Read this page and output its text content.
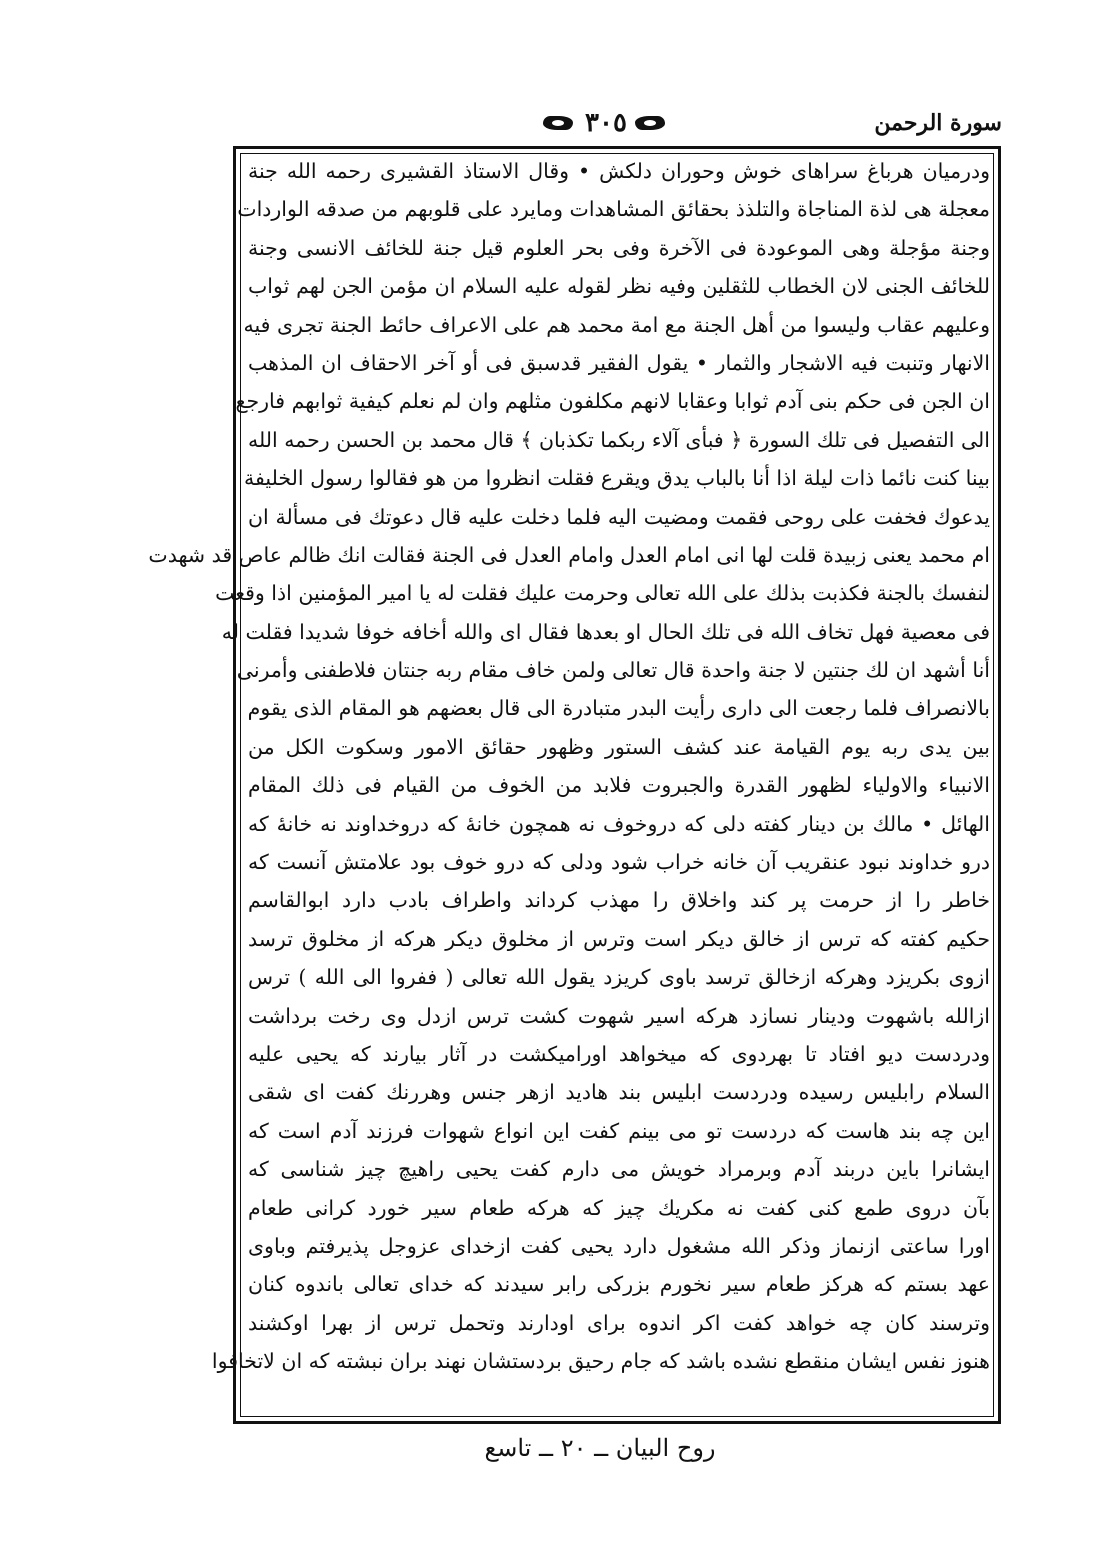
سورة الرحمن
٣٠٥
ودرميان هرباغ سراهاى خوش وحوران دلكش • وقال الاستاذ القشيرى رحمه الله جنة
معجلة هى لذة المناجاة والتلذذ بحقائق المشاهدات ومايرد على قلوبهم من صدقه الواردات
وجنة مؤجلة وهى الموعودة فى الآخرة وفى بحر العلوم قيل جنة للخائف الانسى وجنة
للخائف الجنى لان الخطاب للثقلين وفيه نظر لقوله عليه السلام ان مؤمن الجن لهم ثواب
وعليهم عقاب وليسوا من أهل الجنة مع امة محمد هم على الاعراف حائط الجنة تجرى فيه
الانهار وتنبت فيه الاشجار والثمار • يقول الفقير قدسبق فى أو آخر الاحقاف ان المذهب
ان الجن فى حكم بنى آدم ثوابا وعقابا لانهم مكلفون مثلهم وان لم نعلم كيفية ثوابهم فارجع
الى التفصيل فى تلك السورة ﴿ فبأى آلاء ربكما تكذبان ﴾ قال محمد بن الحسن رحمه الله
بينا كنت نائما ذات ليلة اذا أنا بالباب يدق ويقرع فقلت انظروا من هو فقالوا رسول الخليفة
يدعوك فخفت على روحى فقمت ومضيت اليه فلما دخلت عليه قال دعوتك فى مسألة ان
ام محمد يعنى زبيدة قلت لها انى امام العدل وامام العدل فى الجنة فقالت انك ظالم عاص قد شهدت
لنفسك بالجنة فكذبت بذلك على الله تعالى وحرمت عليك فقلت له يا امير المؤمنين اذا وقعت
فى معصية فهل تخاف الله فى تلك الحال او بعدها فقال اى والله أخافه خوفا شديدا فقلت له
أنا أشهد ان لك جنتين لا جنة واحدة قال تعالى ولمن خاف مقام ربه جنتان فلاطفنى وأمرنى
بالانصراف فلما رجعت الى دارى رأيت البدر متبادرة الى قال بعضهم هو المقام الذى يقوم
بين يدى ربه يوم القيامة عند كشف الستور وظهور حقائق الامور وسكوت الكل من
الانبياء والاولياء لظهور القدرة والجبروت فلابد من الخوف من القيام فى ذلك المقام
الهائل • مالك بن دينار كفته دلى كه دروخوف نه همچون خانهٔ كه دروخداوند نه خانهٔ كه
درو خداوند نبود عنقريب آن خانه خراب شود ودلى كه درو خوف بود علامتش آنست كه
خاطر را از حرمت پر كند واخلاق را مهذب كرداند واطراف بادب دارد ابوالقاسم
حكيم كفته كه ترس از خالق ديكر است وترس از مخلوق ديكر هركه از مخلوق ترسد
ازوى بكريزد وهركه ازخالق ترسد باوى كريزد يقول الله تعالى ( ففروا الى الله ) ترس
ازالله باشهوت ودينار نسازد هركه اسير شهوت كشت ترس ازدل وى رخت برداشت
ودردست ديو افتاد تا بهردوى كه ميخواهد اوراميكشت در آثار بيارند كه يحيى عليه
السلام رابليس رسيده ودردست ابليس بند هاديد ازهر جنس وهررنك كفت اى شقى
اين چه بند هاست كه دردست تو مى بينم كفت اين انواع شهوات فرزند آدم است كه
ايشانرا باين دربند آدم وبرمراد خويش مى دارم كفت يحيى راهيچ چيز شناسى كه
بآن دروى طمع كنى كفت نه مكريك چيز كه هركه طعام سير خورد كرانى طعام
اورا ساعتى ازنماز وذكر الله مشغول دارد يحيى كفت ازخداى عزوجل پذيرفتم وباوى
عهد بستم كه هركز طعام سير نخورم بزركى رابر سيدند كه خداى تعالى باندوه كنان
وترسند كان چه خواهد كفت اكر اندوه براى اودارند وتحمل ترس از بهرا اوكشند
هنوز نفس ايشان منقطع نشده باشد كه جام رحيق بردستشان نهند بران نبشته كه ان لاتخافوا
روح البيان ــ ٢٠ ــ تاسع
